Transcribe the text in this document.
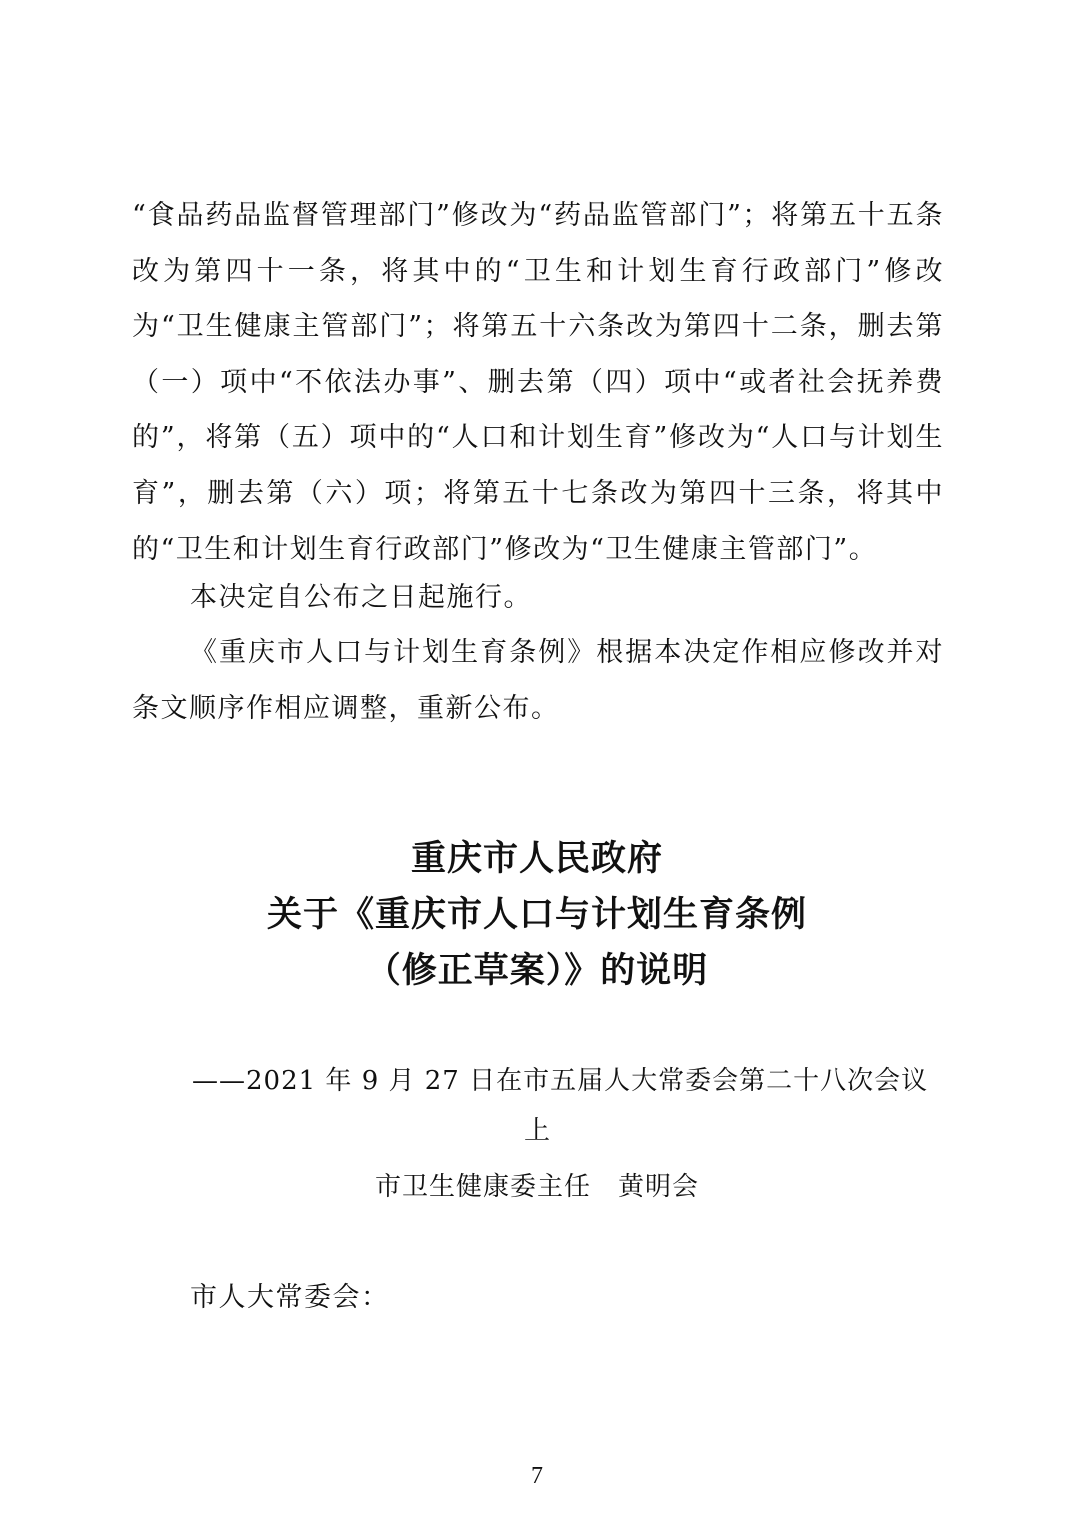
“食品药品监督管理部门”修改为“药品监管部门”；将第五十五条改为第四十一条，将其中的“卫生和计划生育行政部门”修改为“卫生健康主管部门”；将第五十六条改为第四十二条，删去第（一）项中“不依法办事”、删去第（四）项中“或者社会抚养费的”，将第（五）项中的“人口和计划生育”修改为“人口与计划生育”，删去第（六）项；将第五十七条改为第四十三条，将其中的“卫生和计划生育行政部门”修改为“卫生健康主管部门”。

本决定自公布之日起施行。

《重庆市人口与计划生育条例》根据本决定作相应修改并对条文顺序作相应调整，重新公布。

重庆市人民政府
关于《重庆市人口与计划生育条例
（修正草案）》的说明

——2021 年 9 月 27 日在市五届人大常委会第二十八次会议

上

市卫生健康委主任　黄明会

市人大常委会：

7
